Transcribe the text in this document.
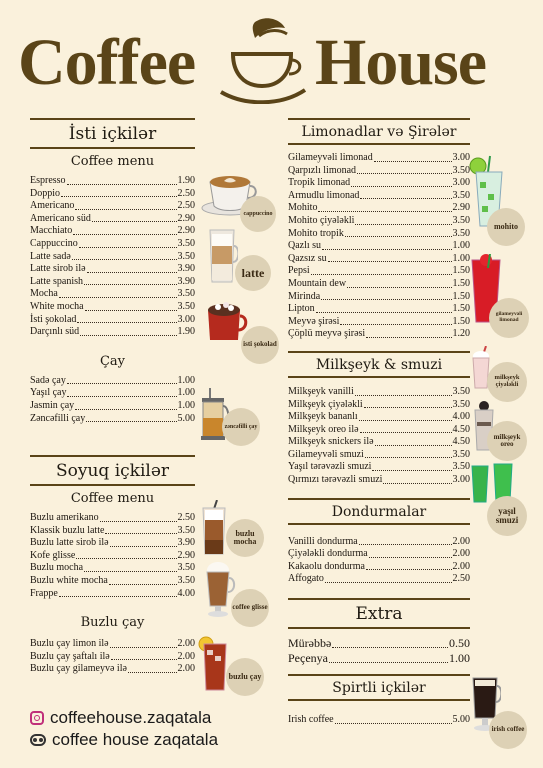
Coffee House
İsti içkilər
Coffee menu
Espresso	1.90
Doppio	2.50
Americano	2.50
Americano süd	2.90
Macchiato	2.90
Cappuccino	3.50
Latte sadə	3.50
Latte sirob ilə	3.90
Latte spanish	3.90
Mocha	3.50
White mocha	3.50
İsti şokolad	3.00
Darçınlı süd	1.90
Çay
Sadə çay	1.00
Yaşıl çay	1.00
Jasmin çay	1.00
Zəncəfilli çay	5.00
Soyuq içkilər
Coffee menu
Buzlu amerikano	2.50
Klassik buzlu latte	3.50
Buzlu latte sirob ilə	3.90
Kofe glisse	2.90
Buzlu mocha	3.50
Buzlu white mocha	3.50
Frappe	4.00
Buzlu çay
Buzlu çay limon ilə	2.00
Buzlu çay şaftalı ilə	2.00
Buzlu çay gilameyvə ilə	2.00
Limonadlar və Şirələr
Gilameyvəli limonad	3.00
Qarpızlı limonad	3.50
Tropik limonad	3.00
Armudlu limonad	3.50
Mohito	2.90
Mohito çiyələkli	3.50
Mohito tropik	3.50
Qazlı su	1.00
Qazsız su	1.00
Pepsi	1.50
Mountain dew	1.50
Mirinda	1.50
Lipton	1.50
Meyvə şirəsi	1.50
Çöplü meyvə şirəsi	1.20
Milkşeyk & smuzi
Milkşeyk vanilli	3.50
Milkşeyk çiyələkli	3.50
Milkşeyk bananlı	4.00
Milkşeyk oreo ilə	4.50
Milkşeyk snickers ilə	4.50
Gilameyvəli smuzi	3.50
Yaşıl tərəvəzli smuzi	3.50
Qırmızı tərəvəzli smuzi	3.00
Dondurmalar
Vanilli dondurma	2.00
Çiyələkli dondurma	2.00
Kakaolu dondurma	2.00
Affogato	2.50
Extra
Mürəbbə	0.50
Peçenya	1.00
Spirtli içkilər
Irish coffee	5.00
cappuccino
latte
isti şokolad
zəncəfilli çay
buzlu mocha
coffee glisse
buzlu çay
mohito
gilameyvəli limonad
milkşeyk çiyələkli
milkşeyk oreo
yaşıl smuzi
irish coffee
coffeehouse.zaqatala
coffee house zaqatala
